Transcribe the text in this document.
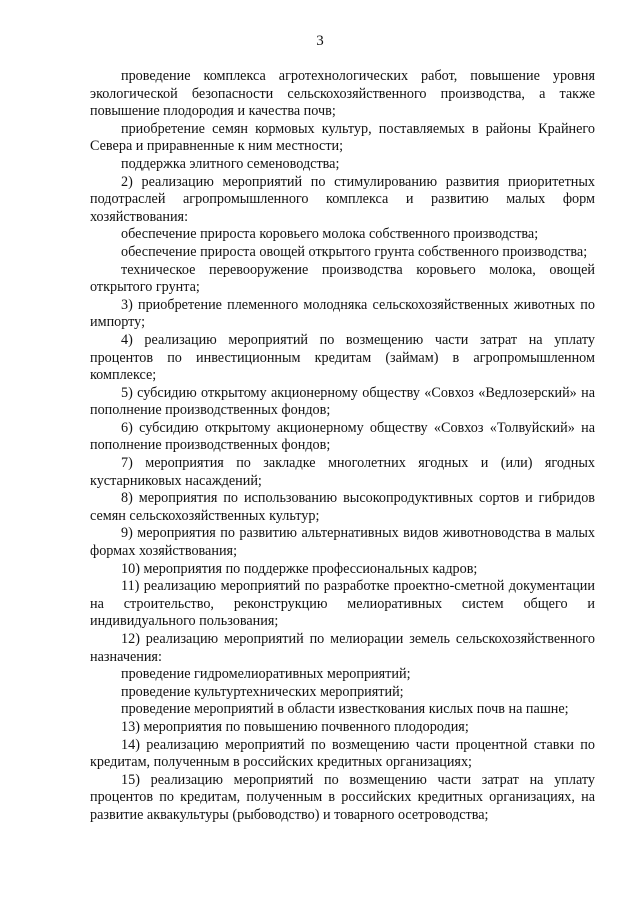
3

проведение комплекса агротехнологических работ, повышение уровня экологической безопасности сельскохозяйственного производства, а также повышение плодородия и качества почв;

приобретение семян кормовых культур, поставляемых в районы Крайнего Севера и приравненные к ним местности;

поддержка элитного семеноводства;

2) реализацию мероприятий по стимулированию развития приоритетных подотраслей агропромышленного комплекса и развитию малых форм хозяйствования:

обеспечение прироста коровьего молока собственного производства;

обеспечение прироста овощей открытого грунта собственного производства;

техническое перевооружение производства коровьего молока, овощей открытого грунта;

3) приобретение племенного молодняка сельскохозяйственных животных по импорту;

4) реализацию мероприятий по возмещению части затрат на уплату процентов по инвестиционным кредитам (займам) в агропромышленном комплексе;

5) субсидию открытому акционерному обществу «Совхоз «Ведлозерский» на пополнение производственных фондов;

6) субсидию открытому акционерному обществу «Совхоз «Толвуйский» на пополнение производственных фондов;

7) мероприятия по закладке многолетних ягодных и (или) ягодных кустарниковых насаждений;

8) мероприятия по использованию высокопродуктивных сортов и гибридов семян сельскохозяйственных культур;

9) мероприятия по развитию альтернативных видов животноводства в малых формах хозяйствования;

10) мероприятия по поддержке профессиональных кадров;

11) реализацию мероприятий по разработке проектно-сметной документации на строительство, реконструкцию мелиоративных систем общего и индивидуального пользования;

12) реализацию мероприятий по мелиорации земель сельскохозяйственного назначения:

проведение гидромелиоративных мероприятий;

проведение культуртехнических мероприятий;

проведение мероприятий в области известкования кислых почв на пашне;

13) мероприятия по повышению почвенного плодородия;

14) реализацию мероприятий по возмещению части процентной ставки по кредитам, полученным в российских кредитных организациях;

15) реализацию мероприятий по возмещению части затрат на уплату процентов по кредитам, полученным в российских кредитных организациях, на развитие аквакультуры (рыбоводство) и товарного осетроводства;
